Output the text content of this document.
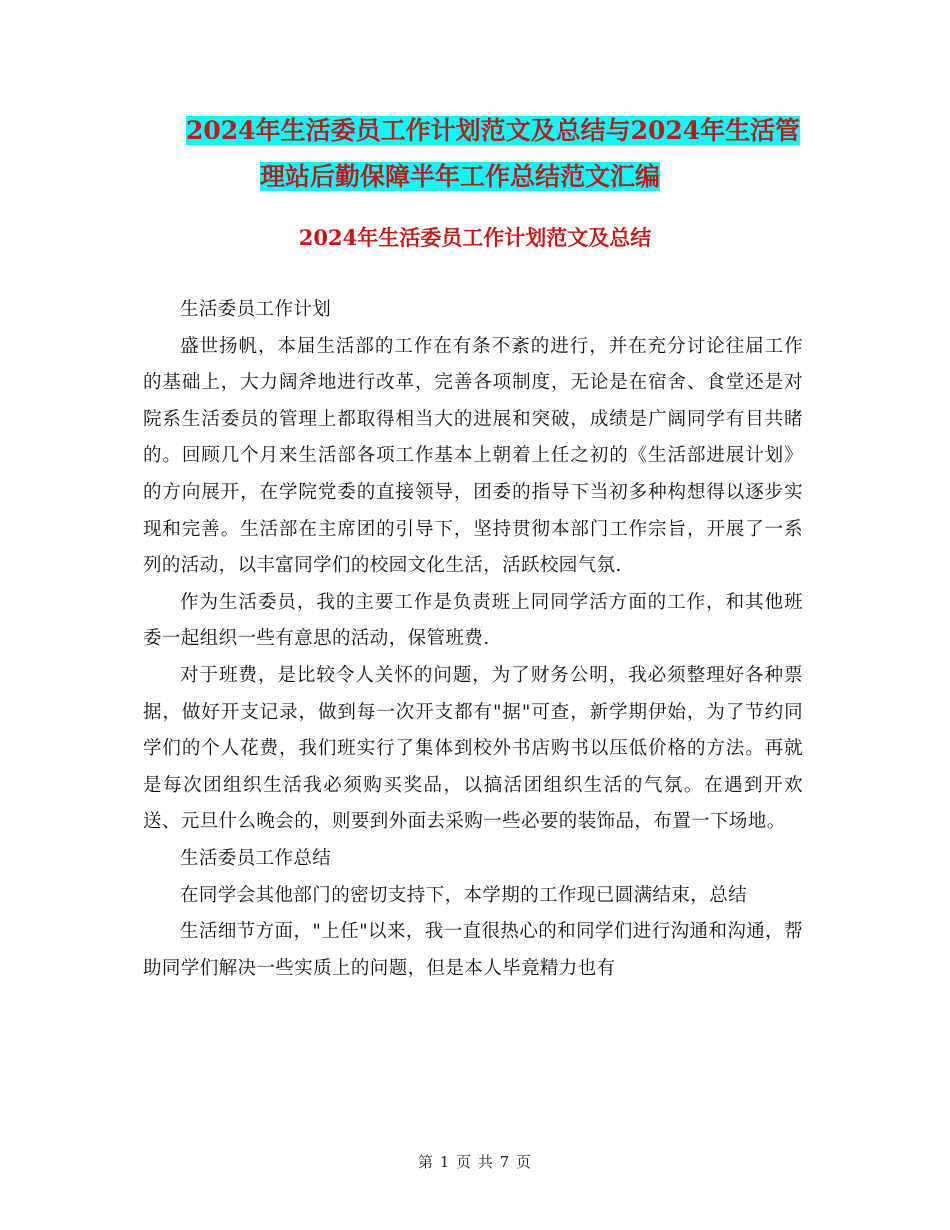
2024年生活委员工作计划范文及总结与2024年生活管
理站后勤保障半年工作总结范文汇编
2024年生活委员工作计划范文及总结

生活委员工作计划

盛世扬帆，本届生活部的工作在有条不紊的进行，并在充分讨论往届工作的基础上，大力阔斧地进行改革，完善各项制度，无论是在宿舍、食堂还是对院系生活委员的管理上都取得相当大的进展和突破，成绩是广阔同学有目共睹的。回顾几个月来生活部各项工作基本上朝着上任之初的《生活部进展计划》的方向展开，在学院党委的直接领导，团委的指导下当初多种构想得以逐步实现和完善。生活部在主席团的引导下，坚持贯彻本部门工作宗旨，开展了一系列的活动，以丰富同学们的校园文化生活，活跃校园气氛.

作为生活委员，我的主要工作是负责班上同同学活方面的工作，和其他班委一起组织一些有意思的活动，保管班费.

对于班费，是比较令人关怀的问题，为了财务公明，我必须整理好各种票据，做好开支记录，做到每一次开支都有"据"可查，新学期伊始，为了节约同学们的个人花费，我们班实行了集体到校外书店购书以压低价格的方法。再就是每次团组织生活我必须购买奖品，以搞活团组织生活的气氛。在遇到开欢送、元旦什么晚会的，则要到外面去采购一些必要的装饰品，布置一下场地。

生活委员工作总结

在同学会其他部门的密切支持下，本学期的工作现已圆满结束，总结

生活细节方面，"上任"以来，我一直很热心的和同学们进行沟通和沟通，帮助同学们解决一些实质上的问题，但是本人毕竟精力也有

第 1 页 共 7 页
